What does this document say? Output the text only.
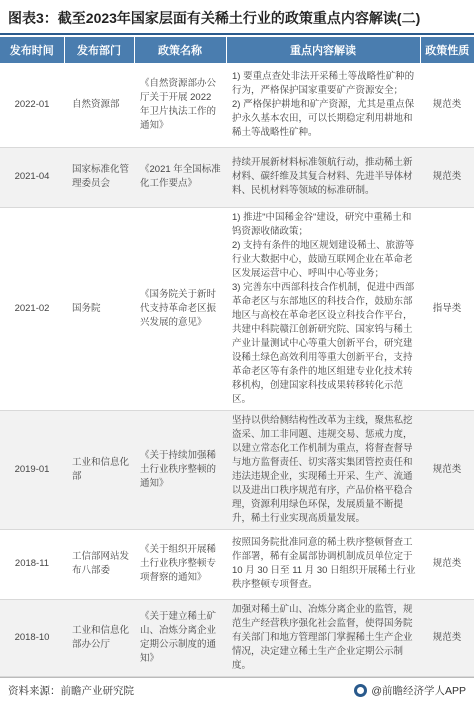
图表3：截至2023年国家层面有关稀土行业的政策重点内容解读(二)
发布时间	发布部门	政策名称	重点内容解读	政策性质
2022-01	自然资源部	《自然资源部办公厅关于开展 2022 年卫片执法工作的通知》	1) 要重点查处非法开采稀土等战略性矿种的行为，严格保护国家重要矿产资源安全；
2) 严格保护耕地和矿产资源，尤其是重点保护永久基本农田，可以长期稳定利用耕地和稀土等战略性矿种。	规范类
2021-04	国家标准化管理委员会	《2021 年全国标准化工作要点》	持续开展新材料标准领航行动，推动稀土新材料、碳纤维及其复合材料、先进半导体材料、民机材料等领域的标准研制。	规范类
2021-02	国务院	《国务院关于新时代支持革命老区振兴发展的意见》	1) 推进"中国稀金谷"建设，研究中重稀土和钨资源收储政策；
2) 支持有条件的地区规划建设稀土、旅游等行业大数据中心，鼓励互联网企业在革命老区发展运营中心、呼叫中心等业务；
3) 完善东中西部科技合作机制，促进中西部革命老区与东部地区的科技合作，鼓励东部地区与高校在革命老区设立科技合作平台，共建中科院赣江创新研究院、国家钨与稀土产业计量测试中心等重大创新平台，研究建设稀土绿色高效利用等重大创新平台，支持革命老区等有条件的地区组建专业化技术转移机构，创建国家科技成果转移转化示范区。	指导类
2019-01	工业和信息化部	《关于持续加强稀土行业秩序整顿的通知》	坚持以供给侧结构性改革为主线，聚焦私挖盗采、加工非同题、违规交易、惩戒力度，以建立常态化工作机制为重点，将督查督导与地方监督责任、切实落实集团管控责任和违法违规企业，实现稀土开采、生产、流通以及进出口秩序规范有序，产品价格平稳合理，资源利用绿色环保，发展质量不断提升，稀土行业实现高质量发展。	规范类
2018-11	工信部网站发布八部委	《关于组织开展稀土行业秩序整顿专项督察的通知》	按照国务院批准同意的稀土秩序整顿督查工作部署，稀有金属部协调机制成员单位定于 10 月 30 日至 11 月 30 日组织开展稀土行业秩序整顿专项督查。	规范类
2018-10	工业和信息化部办公厅	《关于建立稀土矿山、冶炼分离企业定期公示制度的通知》	加强对稀土矿山、冶炼分离企业的监管，规范生产经营秩序强化社会监督，使得国务院有关部门和地方管理部门掌握稀土生产企业情况，决定建立稀土生产企业定期公示制度。	规范类
资料来源：前瞻产业研究院	@前瞻经济学人APP
